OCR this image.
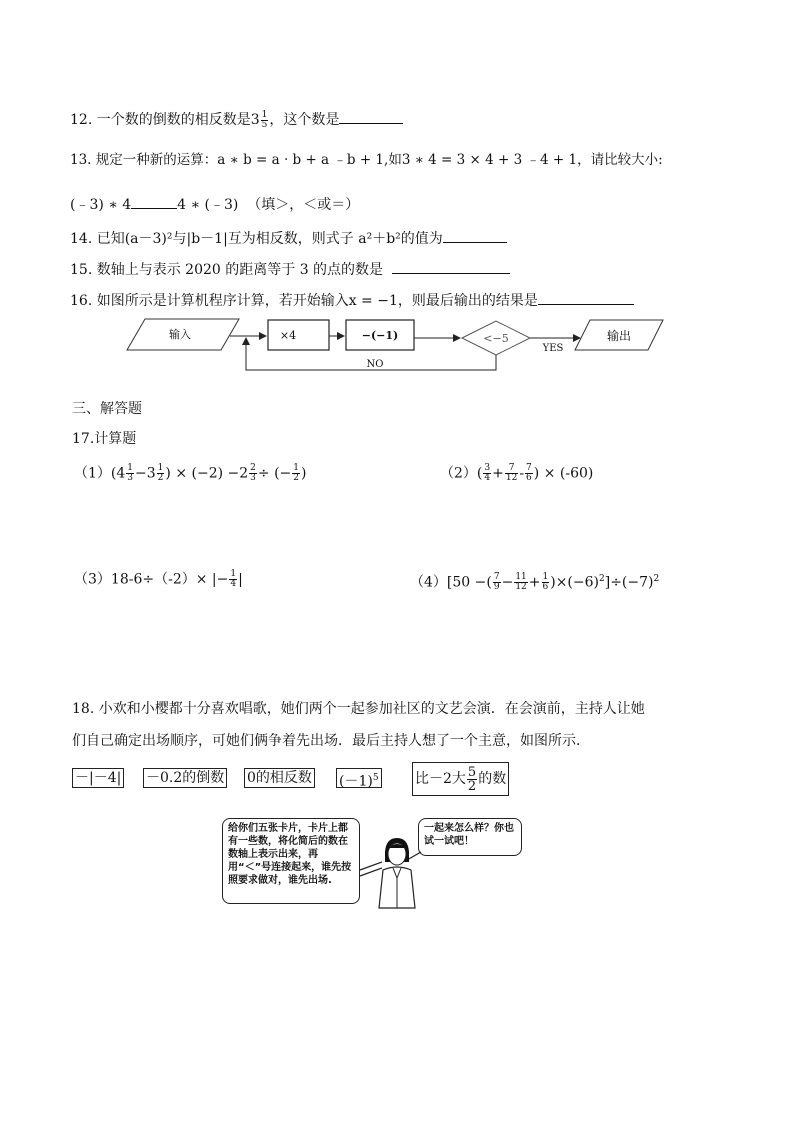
12. 一个数的倒数的相反数是$3 \frac{1}{5}$ ，这个数是
13. 规定一种新的运算：a ∗ b = a ‧ b + a ﹣b + 1,如3 ∗ 4 = 3 × 4 + 3 ﹣4 + 1，请比较大小:
(﹣3) ∗ 4	4 ∗ (﹣3) （填＞，＜或＝）
14. 已知(a－3)²与|b－1|互为相反数，则式子 a²＋b²的值为
15. 数轴上与表示 2020 的距离等于 3 的点的数是
16. 如图所示是计算机程序计算，若开始输入x = −1，则最后输出的结果是
输入	×4	−(−1)	<−5
YES
NO
输出
三、解答题
17.计算题
$(1)(4 \frac{1}{3} -3 \frac{1}{2}$ ) × $(-2) -2 \frac{2}{3}$ ÷ (− $\frac{1}{2}$ )	$(2)( \frac{3}{4} + \frac{7}{12} - \frac{7}{6}$ ) × (-60)
（3）18-6÷（-2）× |− $\frac{1}{4}$ |	（4）[50 −( $\frac{7}{9} - \frac{11}{12} + \frac{1}{6} )\times(-6)^2]\div(-7)^2$
18. 小欢和小樱都十分喜欢唱歌，她们两个一起参加社区的文艺会演．在会演前，主持人让她
们自己确定出场顺序，可她们俩争着先出场．最后主持人想了一个主意，如图所示．
－|－4| －0.2的倒数 0的相反数 $(-1)^5$	比－2大 $\frac{5}{2}$ 的数
给你们五张卡片，卡片上都有一些数，将化简后的数在数轴上表示出来，再用“＜”号连接起来，谁先按照要求做对，谁先出场.
一起来怎么样？你也试一试吧！
